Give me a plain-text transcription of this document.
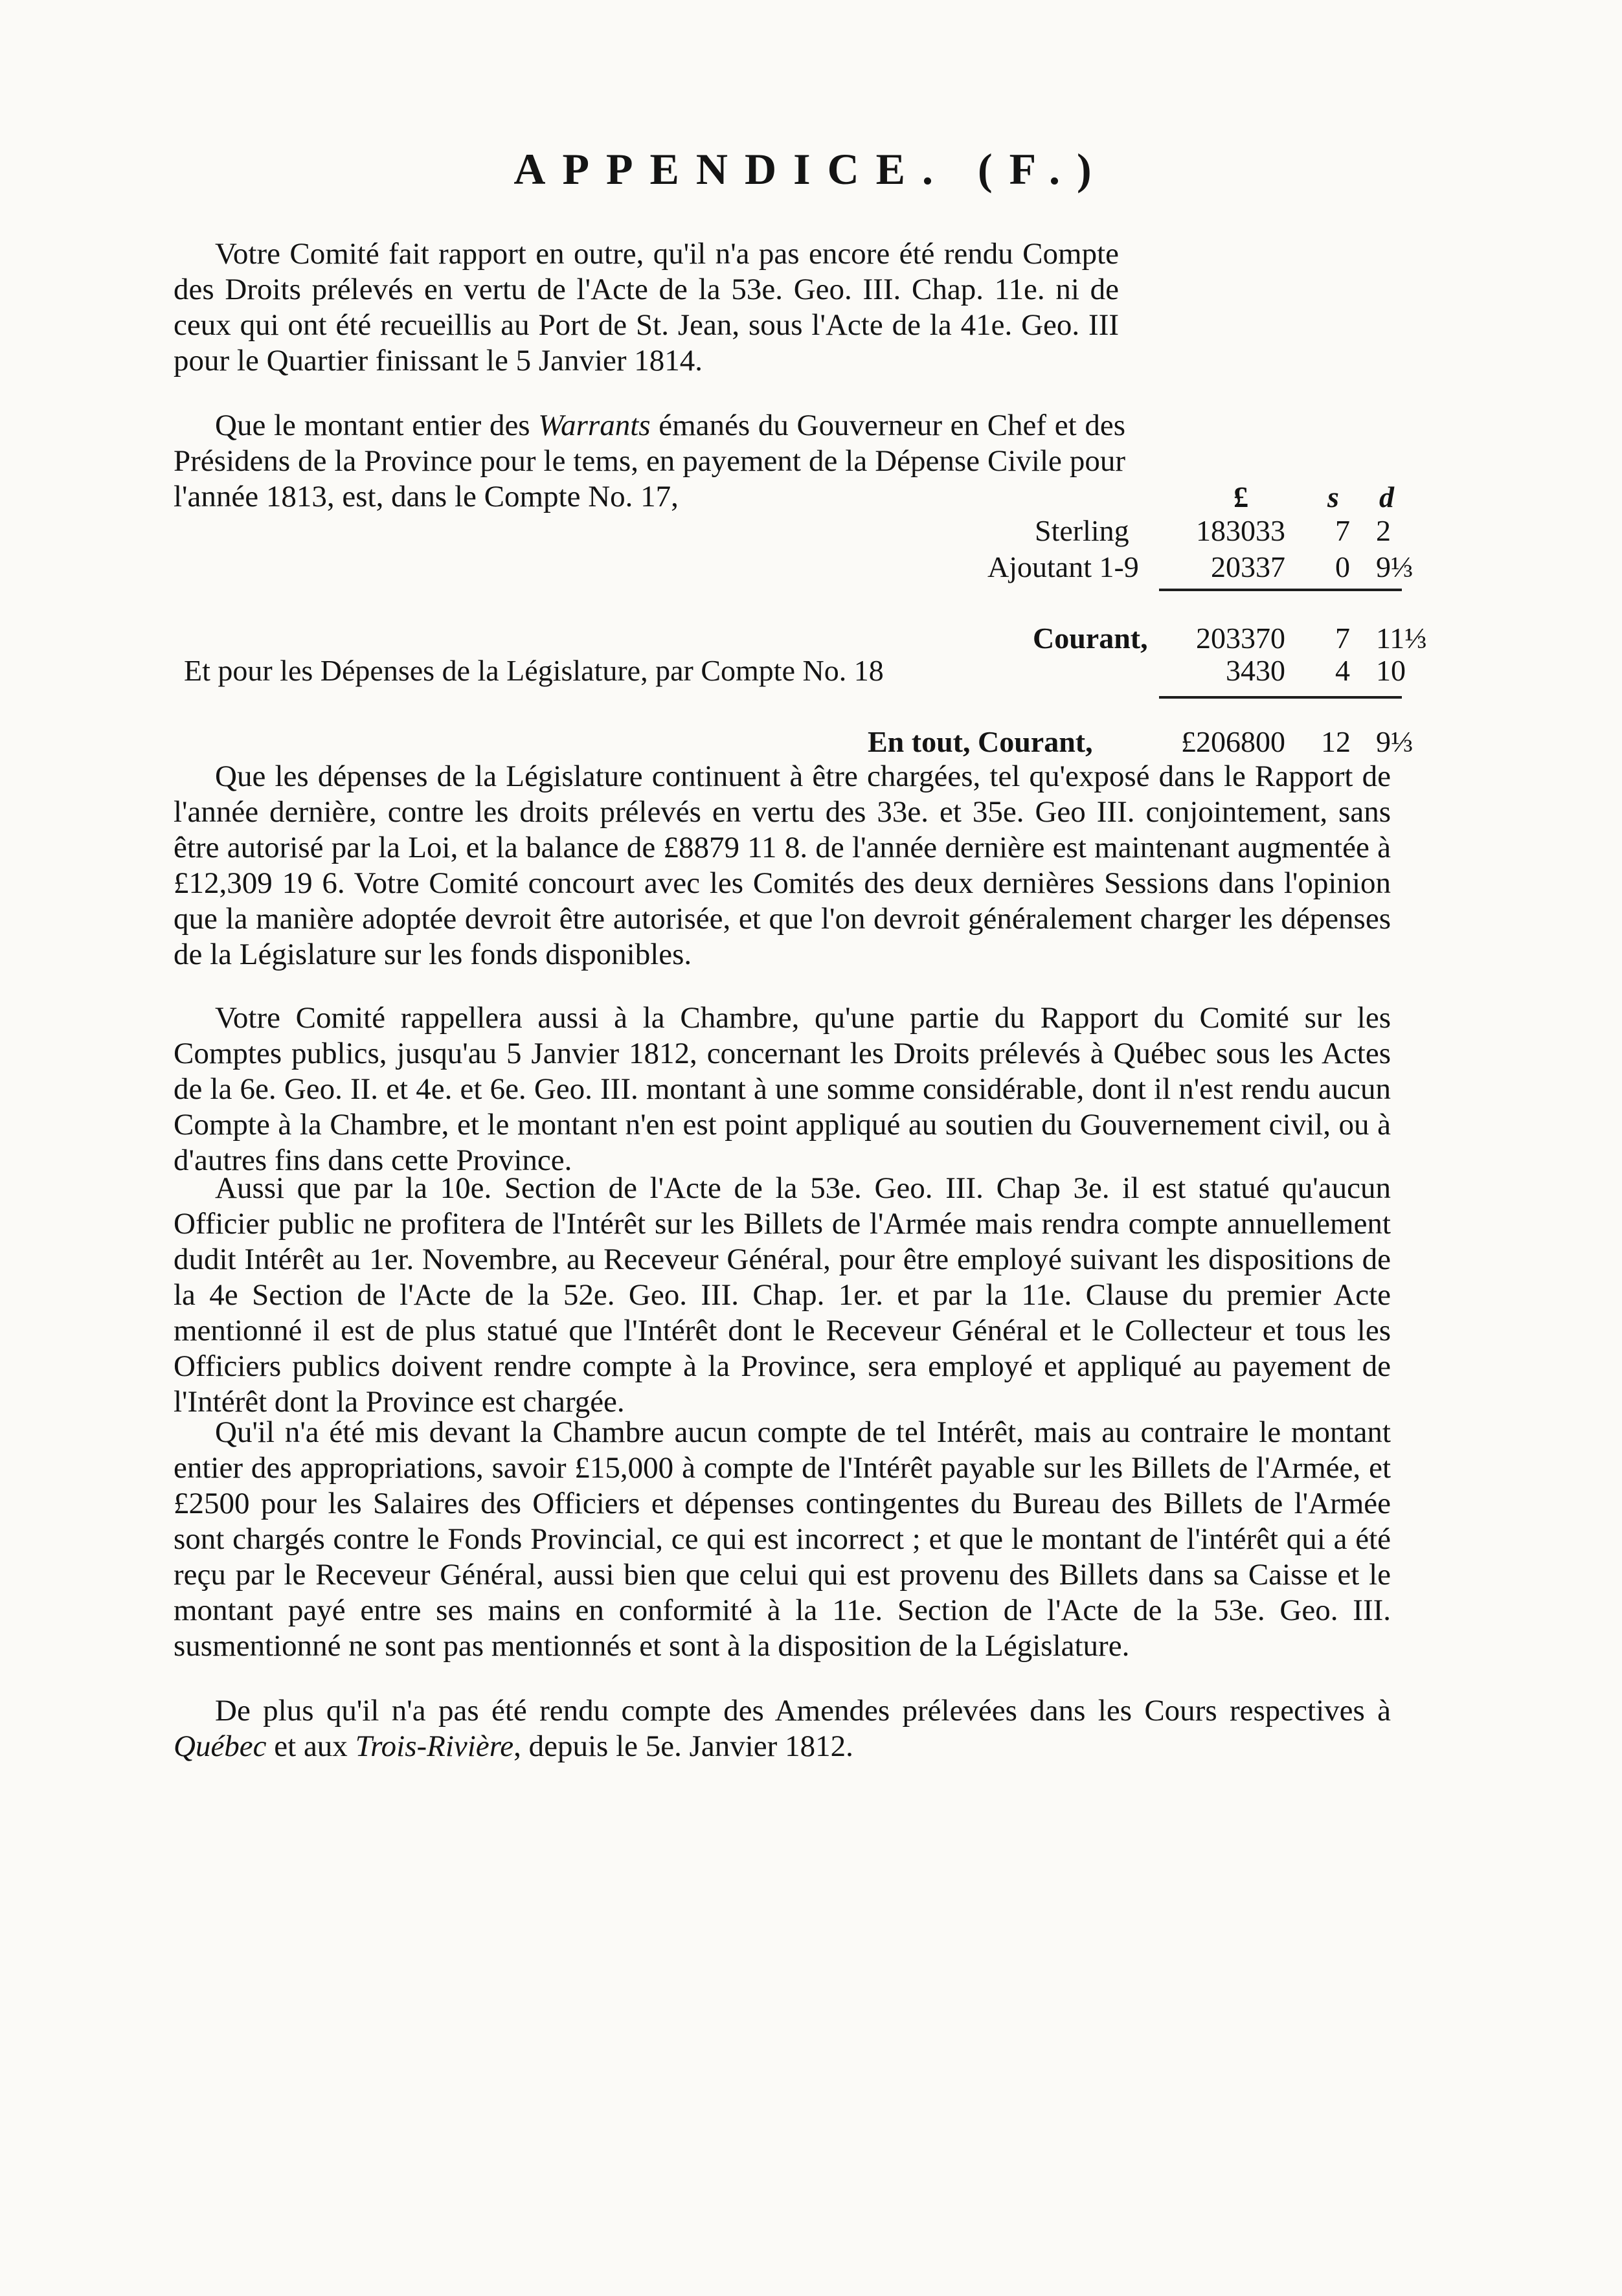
APPENDICE. (F.)
Votre Comité fait rapport en outre, qu'il n'a pas encore été rendu Compte des Droits prélevés en vertu de l'Acte de la 53e. Geo. III. Chap. 11e. ni de ceux qui ont été recueillis au Port de St. Jean, sous l'Acte de la 41e. Geo. III pour le Quartier finissant le 5 Janvier 1814.
Que le montant entier des Warrants émanés du Gouverneur en Chef et des Présidens de la Province pour le tems, en payement de la Dépense Civile pour l'année 1813, est, dans le Compte No. 17,	£	s d
Sterling	183033	7 2
Ajoutant 1-9	20337	0 9⅓
Courant,	203370	7 11⅓
Et pour les Dépenses de la Législature, par Compte No. 18	3430	4 10
En tout, Courant,	£206800 12 9⅓
Que les dépenses de la Législature continuent à être chargées, tel qu'exposé dans le Rapport de l'année dernière, contre les droits prélevés en vertu des 33e. et 35e. Geo III. conjointement, sans être autorisé par la Loi, et la balance de £8879 11 8. de l'année dernière est maintenant augmentée à £12,309 19 6. Votre Comité concourt avec les Comités des deux dernières Sessions dans l'opinion que la manière adoptée devroit être autorisée, et que l'on devroit généralement charger les dépenses de la Législature sur les fonds disponibles.
Votre Comité rappellera aussi à la Chambre, qu'une partie du Rapport du Comité sur les Comptes publics, jusqu'au 5 Janvier 1812, concernant les Droits prélevés à Québec sous les Actes de la 6e. Geo. II. et 4e. et 6e. Geo. III. montant à une somme considérable, dont il n'est rendu aucun Compte à la Chambre, et le montant n'en est point appliqué au soutien du Gouvernement civil, ou à d'autres fins dans cette Province.
Aussi que par la 10e. Section de l'Acte de la 53e. Geo. III. Chap 3e. il est statué qu'aucun Officier public ne profitera de l'Intérêt sur les Billets de l'Armée mais rendra compte annuellement dudit Intérêt au 1er. Novembre, au Receveur Général, pour être employé suivant les dispositions de la 4e Section de l'Acte de la 52e. Geo. III. Chap. 1er. et par la 11e. Clause du premier Acte mentionné il est de plus statué que l'Intérêt dont le Receveur Général et le Collecteur et tous les Officiers publics doivent rendre compte à la Province, sera employé et appliqué au payement de l'Intérêt dont la Province est chargée.
Qu'il n'a été mis devant la Chambre aucun compte de tel Intérêt, mais au contraire le montant entier des appropriations, savoir £15,000 à compte de l'Intérêt payable sur les Billets de l'Armée, et £2500 pour les Salaires des Officiers et dépenses contingentes du Bureau des Billets de l'Armée sont chargés contre le Fonds Provincial, ce qui est incorrect ; et que le montant de l'intérêt qui a été reçu par le Receveur Général, aussi bien que celui qui est provenu des Billets dans sa Caisse et le montant payé entre ses mains en conformité à la 11e. Section de l'Acte de la 53e. Geo. III. susmentionné ne sont pas mentionnés et sont à la disposition de la Législature.
De plus qu'il n'a pas été rendu compte des Amendes prélevées dans les Cours respectives à Québec et aux Trois-Rivière, depuis le 5e. Janvier 1812.
